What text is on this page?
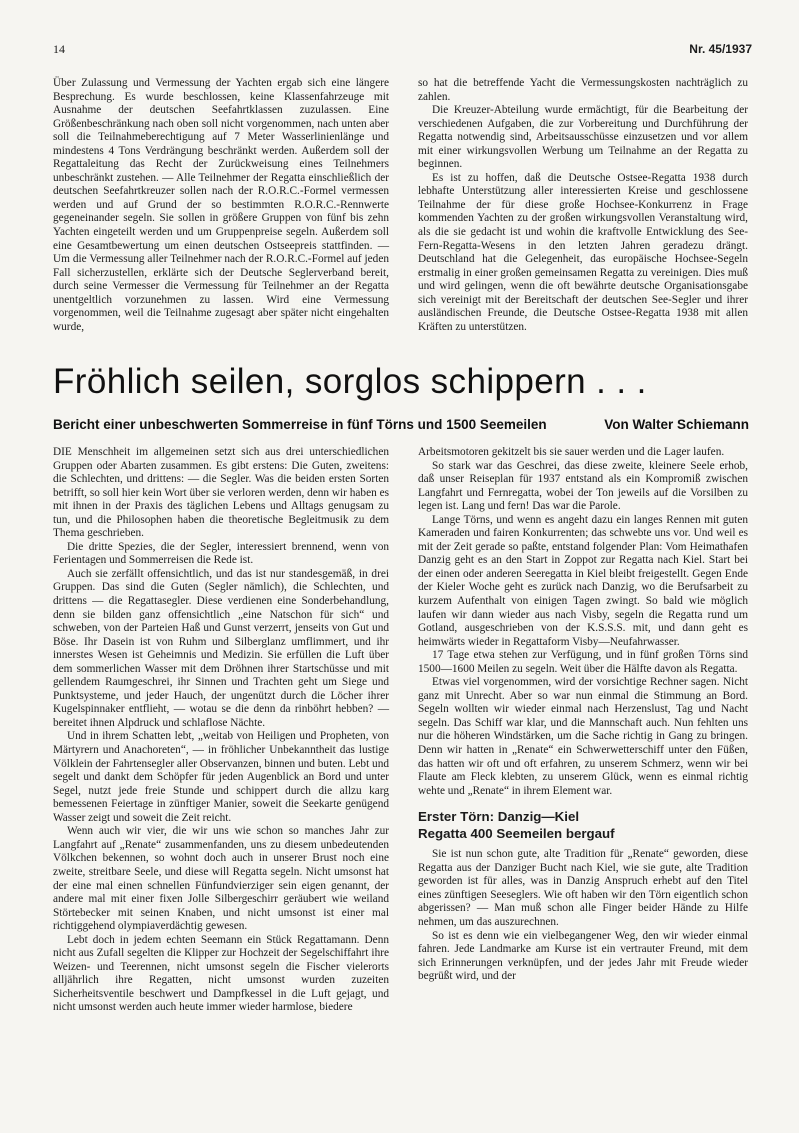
14	Nr. 45/1937

Über Zulassung und Vermessung der Yachten ergab sich eine längere Besprechung. Es wurde beschlossen, keine Klassenfahrzeuge mit Ausnahme der deutschen Seefahrtklassen zuzulassen. Eine Größenbeschränkung nach oben soll nicht vorgenommen, nach unten aber soll die Teilnahmeberechtigung auf 7 Meter Wasserlinienlänge und mindestens 4 Tons Verdrängung beschränkt werden. Außerdem soll der Regattaleitung das Recht der Zurückweisung eines Teilnehmers unbeschränkt zustehen. — Alle Teilnehmer der Regatta einschließlich der deutschen Seefahrtkreuzer sollen nach der R.O.R.C.-Formel vermessen werden und auf Grund der so bestimmten R.O.R.C.-Rennwerte gegeneinander segeln. Sie sollen in größere Gruppen von fünf bis zehn Yachten eingeteilt werden und um Gruppenpreise segeln. Außerdem soll eine Gesamtbewertung um einen deutschen Ostseepreis stattfinden. — Um die Vermessung aller Teilnehmer nach der R.O.R.C.-Formel auf jeden Fall sicherzustellen, erklärte sich der Deutsche Seglerverband bereit, durch seine Vermesser die Vermessung für Teilnehmer an der Regatta unentgeltlich vorzunehmen zu lassen. Wird eine Vermessung vorgenommen, weil die Teilnahme zugesagt aber später nicht eingehalten wurde,

so hat die betreffende Yacht die Vermessungskosten nachträglich zu zahlen.

Die Kreuzer-Abteilung wurde ermächtigt, für die Bearbeitung der verschiedenen Aufgaben, die zur Vorbereitung und Durchführung der Regatta notwendig sind, Arbeitsausschüsse einzusetzen und vor allem mit einer wirkungsvollen Werbung um Teilnahme an der Regatta zu beginnen.

Es ist zu hoffen, daß die Deutsche Ostsee-Regatta 1938 durch lebhafte Unterstützung aller interessierten Kreise und geschlossene Teilnahme der für diese große Hochsee-Konkurrenz in Frage kommenden Yachten zu der großen wirkungsvollen Veranstaltung wird, als die sie gedacht ist und wohin die kraftvolle Entwicklung des See-Fern-Regatta-Wesens in den letzten Jahren geradezu drängt. Deutschland hat die Gelegenheit, das europäische Hochsee-Segeln erstmalig in einer großen gemeinsamen Regatta zu vereinigen. Dies muß und wird gelingen, wenn die oft bewährte deutsche Organisationsgabe sich vereinigt mit der Bereitschaft der deutschen See-Segler und ihrer ausländischen Freunde, die Deutsche Ostsee-Regatta 1938 mit allen Kräften zu unterstützen.

Fröhlich seilen, sorglos schippern . . .
Bericht einer unbeschwerten Sommerreise in fünf Törns und 1500 Seemeilen	Von Walter Schiemann

DIE Menschheit im allgemeinen setzt sich aus drei unterschiedlichen Gruppen oder Abarten zusammen. Es gibt erstens: Die Guten, zweitens: die Schlechten, und drittens: — die Segler. Was die beiden ersten Sorten betrifft, so soll hier kein Wort über sie verloren werden, denn wir haben es mit ihnen in der Praxis des täglichen Lebens und Alltags genugsam zu tun, und die Philosophen haben die theoretische Begleitmusik zu dem Thema geschrieben.

Die dritte Spezies, die der Segler, interessiert brennend, wenn von Ferientagen und Sommerreisen die Rede ist.

Auch sie zerfällt offensichtlich, und das ist nur standesgemäß, in drei Gruppen. Das sind die Guten (Segler nämlich), die Schlechten, und drittens — die Regattasegler. Diese verdienen eine Sonderbehandlung, denn sie bilden ganz offensichtlich „eine Natschon für sich“ und schweben, von der Parteien Haß und Gunst verzerrt, jenseits von Gut und Böse. Ihr Dasein ist von Ruhm und Silberglanz umflimmert, und ihr innerstes Wesen ist Geheimnis und Medizin. Sie erfüllen die Luft über dem sommerlichen Wasser mit dem Dröhnen ihrer Startschüsse und mit gellendem Raumgeschrei, ihr Sinnen und Trachten geht um Siege und Punktsysteme, und jeder Hauch, der ungenützt durch die Löcher ihrer Kugelspinnaker entflieht, — wotau se die denn da rinböhrt hebben? — bereitet ihnen Alpdruck und schlaflose Nächte.

Und in ihrem Schatten lebt, „weitab von Heiligen und Propheten, von Märtyrern und Anachoreten“, — in fröhlicher Unbekanntheit das lustige Völklein der Fahrtensegler aller Observanzen, binnen und buten. Lebt und segelt und dankt dem Schöpfer für jeden Augenblick an Bord und unter Segel, nutzt jede freie Stunde und schippert durch die allzu karg bemessenen Feiertage in zünftiger Manier, soweit die Seekarte genügend Wasser zeigt und soweit die Zeit reicht.

Wenn auch wir vier, die wir uns wie schon so manches Jahr zur Langfahrt auf „Renate“ zusammenfanden, uns zu diesem unbedeutenden Völkchen bekennen, so wohnt doch auch in unserer Brust noch eine zweite, streitbare Seele, und diese will Regatta segeln. Nicht umsonst hat der eine mal einen schnellen Fünfundvierziger sein eigen genannt, der andere mal mit einer fixen Jolle Silbergeschirr geräubert wie weiland Störtebecker mit seinen Knaben, und nicht umsonst ist einer mal richtiggehend olympiaverdächtig gewesen.

Lebt doch in jedem echten Seemann ein Stück Regattamann. Denn nicht aus Zufall segelten die Klipper zur Hochzeit der Segelschiffahrt ihre Weizen- und Teerennen, nicht umsonst segeln die Fischer vielerorts alljährlich ihre Regatten, nicht umsonst wurden zuzeiten Sicherheitsventile beschwert und Dampfkessel in die Luft gejagt, und nicht umsonst werden auch heute immer wieder harmlose, biedere

Arbeitsmotoren gekitzelt bis sie sauer werden und die Lager laufen.

So stark war das Geschrei, das diese zweite, kleinere Seele erhob, daß unser Reiseplan für 1937 entstand als ein Kompromiß zwischen Langfahrt und Fernregatta, wobei der Ton jeweils auf die Vorsilben zu legen ist. Lang und fern! Das war die Parole.

Lange Törns, und wenn es angeht dazu ein langes Rennen mit guten Kameraden und fairen Konkurrenten; das schwebte uns vor. Und weil es mit der Zeit gerade so paßte, entstand folgender Plan: Vom Heimathafen Danzig geht es an den Start in Zoppot zur Regatta nach Kiel. Start bei der einen oder anderen Seeregatta in Kiel bleibt freigestellt. Gegen Ende der Kieler Woche geht es zurück nach Danzig, wo die Berufsarbeit zu kurzem Aufenthalt von einigen Tagen zwingt. So bald wie möglich laufen wir dann wieder aus nach Visby, segeln die Regatta rund um Gotland, ausgeschrieben von der K.S.S.S. mit, und dann geht es heimwärts wieder in Regattaform Visby—Neufahrwasser.

17 Tage etwa stehen zur Verfügung, und in fünf großen Törns sind 1500—1600 Meilen zu segeln. Weit über die Hälfte davon als Regatta.

Etwas viel vorgenommen, wird der vorsichtige Rechner sagen. Nicht ganz mit Unrecht. Aber so war nun einmal die Stimmung an Bord. Segeln wollten wir wieder einmal nach Herzenslust, Tag und Nacht segeln. Das Schiff war klar, und die Mannschaft auch. Nun fehlten uns nur die höheren Windstärken, um die Sache richtig in Gang zu bringen. Denn wir hatten in „Renate“ ein Schwerwetterschiff unter den Füßen, das hatten wir oft und oft erfahren, zu unserem Schmerz, wenn wir bei Flaute am Fleck klebten, zu unserem Glück, wenn es einmal richtig wehte und „Renate“ in ihrem Element war.

Erster Törn: Danzig—Kiel
Regatta 400 Seemeilen bergauf

Sie ist nun schon gute, alte Tradition für „Renate“ geworden, diese Regatta aus der Danziger Bucht nach Kiel, wie sie gute, alte Tradition geworden ist für alles, was in Danzig Anspruch erhebt auf den Titel eines zünftigen Seeseglers. Wie oft haben wir den Törn eigentlich schon abgerissen? — Man muß schon alle Finger beider Hände zu Hilfe nehmen, um das auszurechnen.

So ist es denn wie ein vielbegangener Weg, den wir wieder einmal fahren. Jede Landmarke am Kurse ist ein vertrauter Freund, mit dem sich Erinnerungen verknüpfen, und der jedes Jahr mit Freude wieder begrüßt wird, und der
